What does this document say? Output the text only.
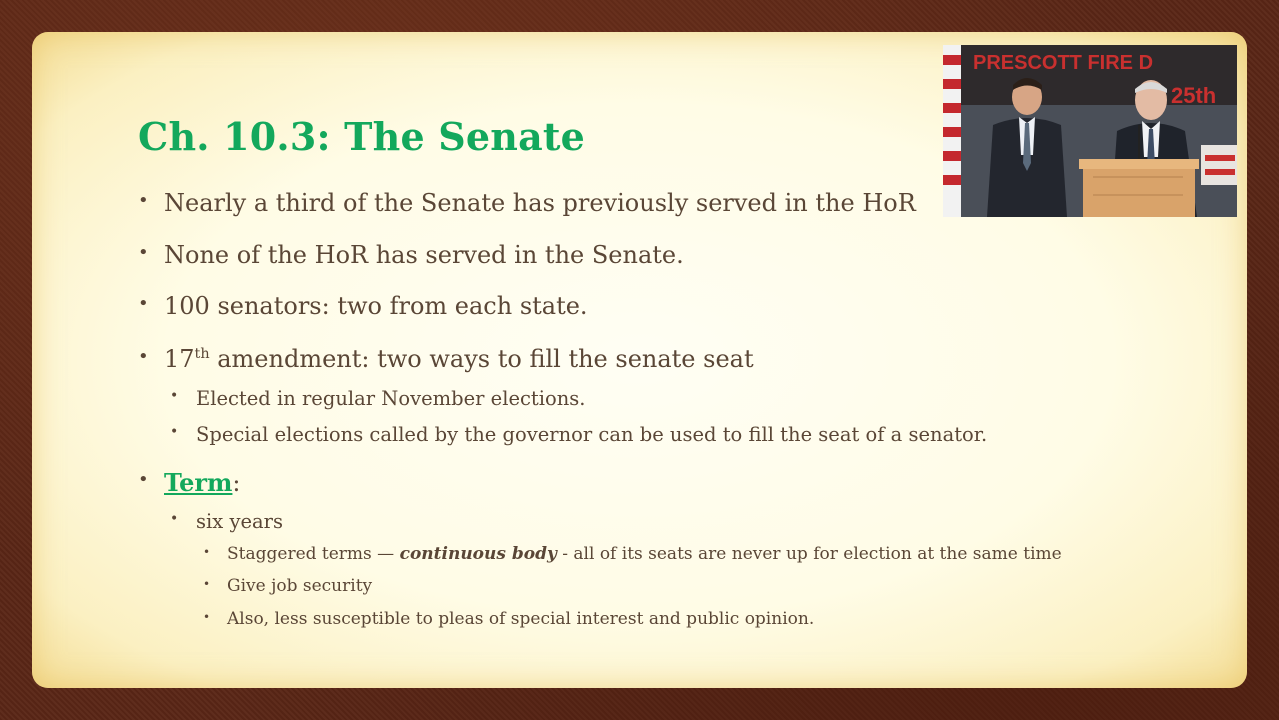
Ch. 10.3: The Senate
PRESCOTT FIRE D
25th
• Nearly a third of the Senate has previously served in the HoR
• None of the HoR has served in the Senate.
• 100 senators: two from each state.
• 17th amendment: two ways to fill the senate seat
• Elected in regular November elections.
• Special elections called by the governor can be used to fill the seat of a senator.
• Term:
• six years
• Staggered terms — continuous body - all of its seats are never up for election at the same time
• Give job security
• Also, less susceptible to pleas of special interest and public opinion.
